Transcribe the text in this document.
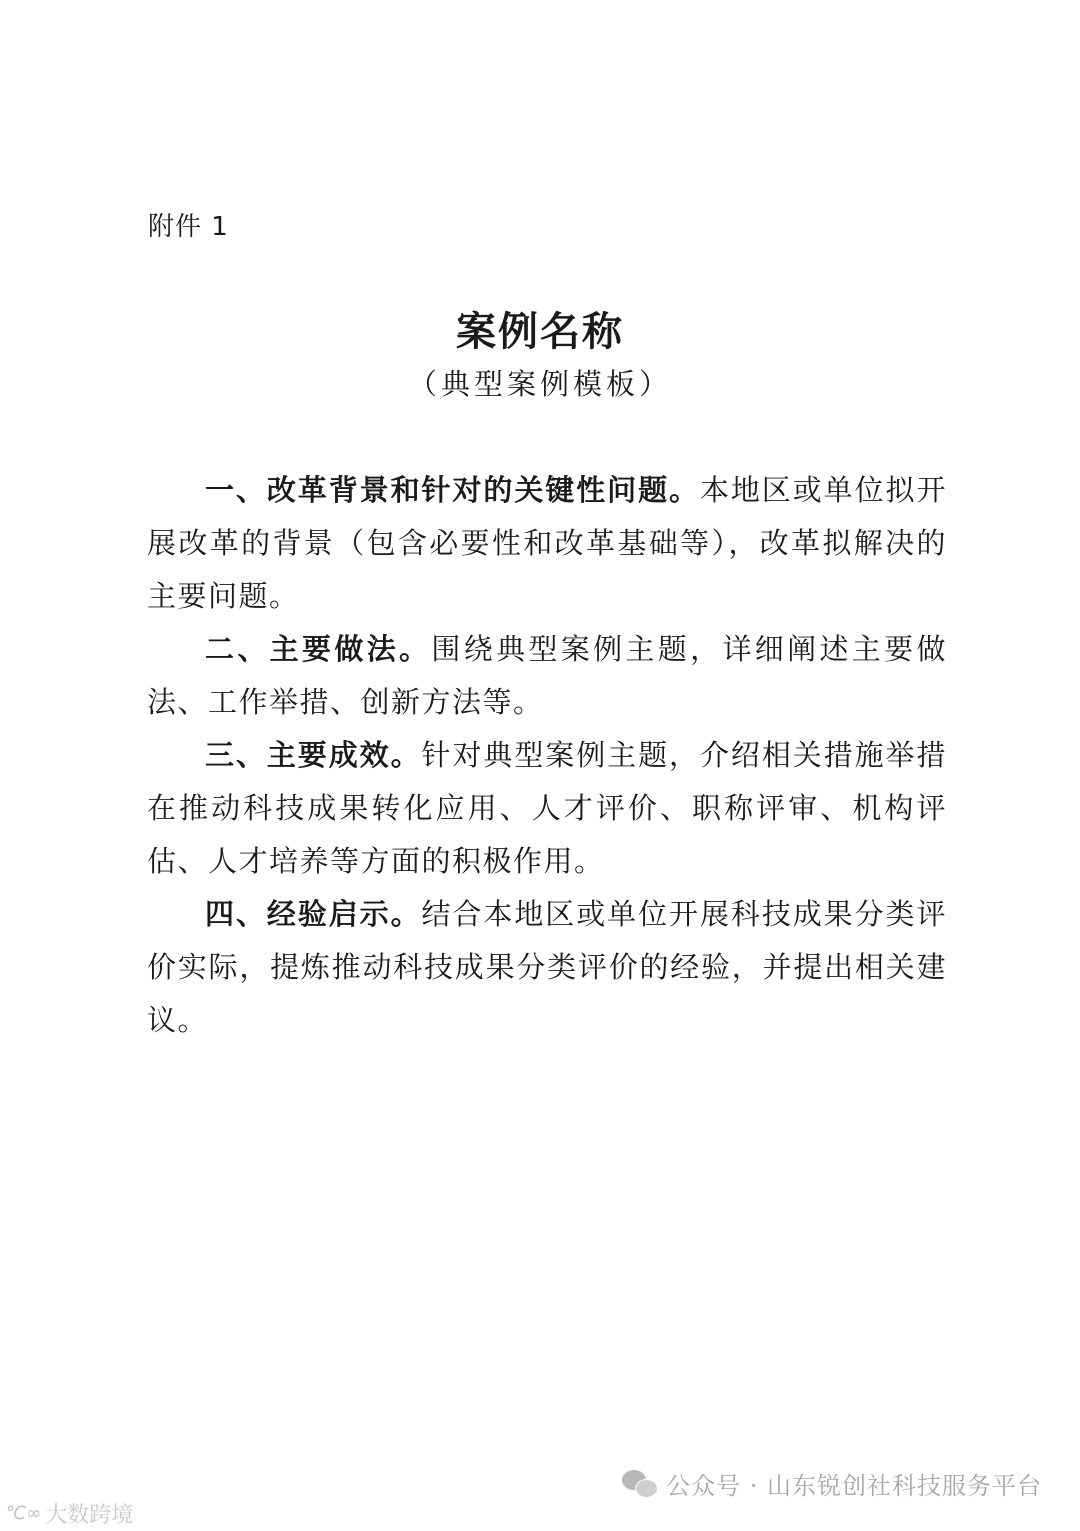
附件 1
案例名称
（典型案例模板）

一、改革背景和针对的关键性问题。本地区或单位拟开展改革的背景（包含必要性和改革基础等），改革拟解决的主要问题。

二、主要做法。围绕典型案例主题，详细阐述主要做法、工作举措、创新方法等。

三、主要成效。针对典型案例主题，介绍相关措施举措在推动科技成果转化应用、人才评价、职称评审、机构评估、人才培养等方面的积极作用。

四、经验启示。结合本地区或单位开展科技成果分类评价实际，提炼推动科技成果分类评价的经验，并提出相关建议。

公众号 · 山东锐创社科技服务平台
℃∞ 大数跨境
